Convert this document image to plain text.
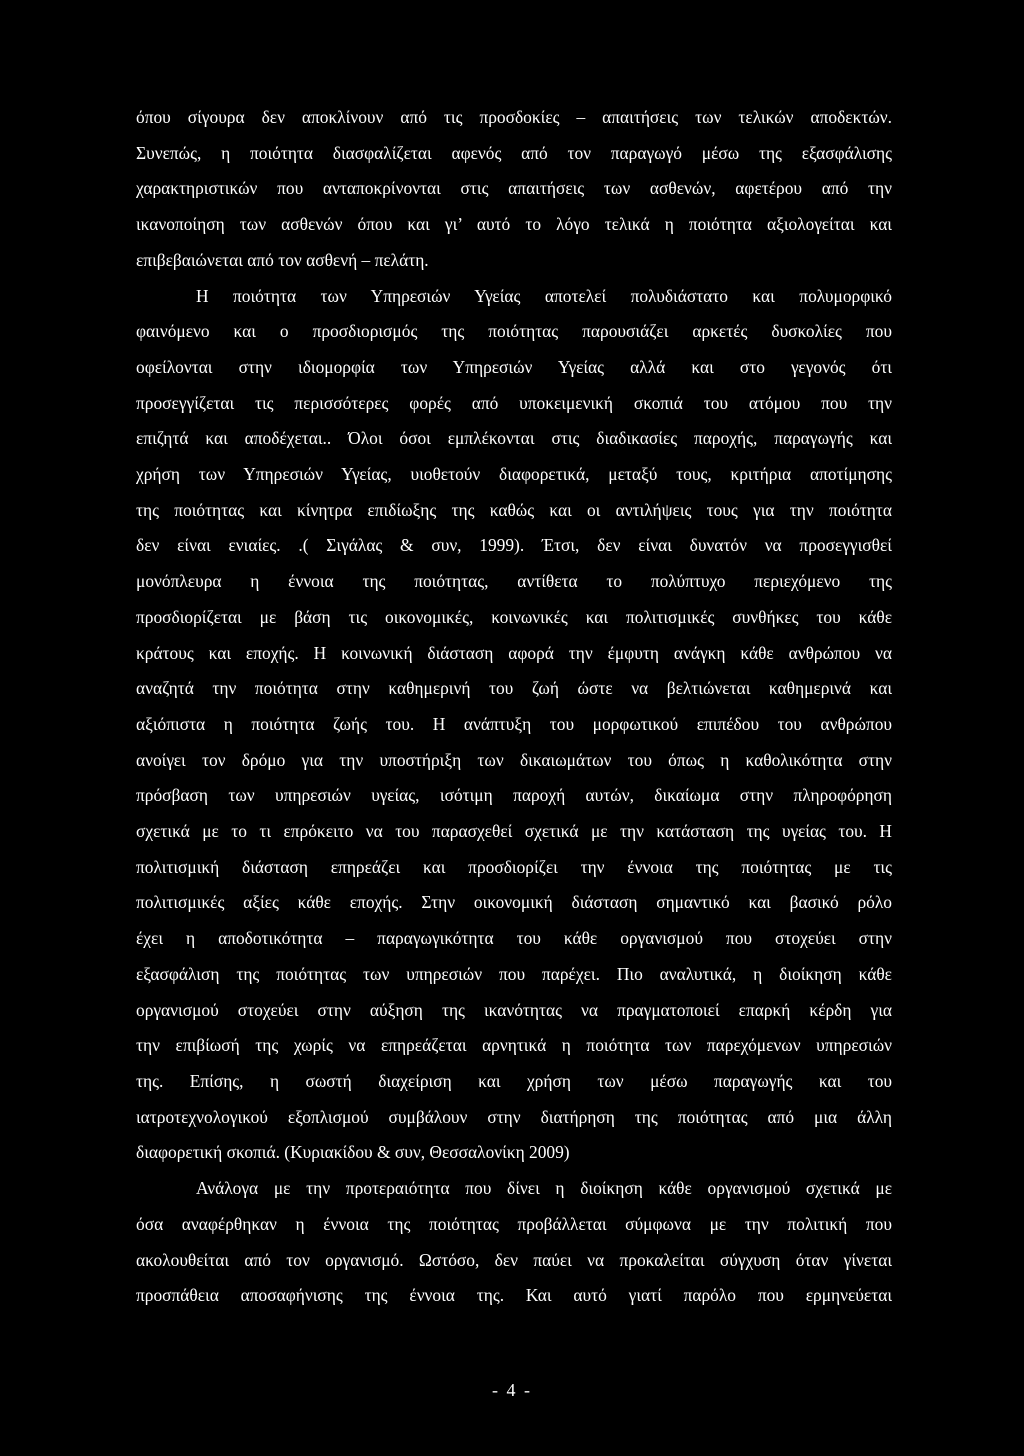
όπου σίγουρα δεν αποκλίνουν από τις προσδοκίες – απαιτήσεις των τελικών αποδεκτών.
Συνεπώς, η ποιότητα διασφαλίζεται αφενός από τον παραγωγό μέσω της εξασφάλισης
χαρακτηριστικών που ανταποκρίνονται στις απαιτήσεις των ασθενών, αφετέρου από την
ικανοποίηση των ασθενών όπου και γι’ αυτό το λόγο τελικά η ποιότητα αξιολογείται και
επιβεβαιώνεται από τον ασθενή – πελάτη.
Η ποιότητα των Υπηρεσιών Υγείας αποτελεί πολυδιάστατο και πολυμορφικό
φαινόμενο και ο προσδιορισμός της ποιότητας παρουσιάζει αρκετές δυσκολίες που
οφείλονται στην ιδιομορφία των Υπηρεσιών Υγείας αλλά και στο γεγονός ότι
προσεγγίζεται τις περισσότερες φορές από υποκειμενική σκοπιά του ατόμου που την
επιζητά και αποδέχεται.. Όλοι όσοι εμπλέκονται στις διαδικασίες παροχής, παραγωγής και
χρήση των Υπηρεσιών Υγείας, υιοθετούν διαφορετικά, μεταξύ τους, κριτήρια αποτίμησης
της ποιότητας και κίνητρα επιδίωξης της καθώς και οι αντιλήψεις τους για την ποιότητα
δεν είναι ενιαίες. .( Σιγάλας & συν, 1999). Έτσι, δεν είναι δυνατόν να προσεγγισθεί
μονόπλευρα η έννοια της ποιότητας, αντίθετα το πολύπτυχο περιεχόμενο της
προσδιορίζεται με βάση τις οικονομικές, κοινωνικές και πολιτισμικές συνθήκες του κάθε
κράτους και εποχής. Η κοινωνική διάσταση αφορά την έμφυτη ανάγκη κάθε ανθρώπου να
αναζητά την ποιότητα στην καθημερινή του ζωή ώστε να βελτιώνεται καθημερινά και
αξιόπιστα η ποιότητα ζωής του. Η ανάπτυξη του μορφωτικού επιπέδου του ανθρώπου
ανοίγει τον δρόμο για την υποστήριξη των δικαιωμάτων του όπως η καθολικότητα στην
πρόσβαση των υπηρεσιών υγείας, ισότιμη παροχή αυτών, δικαίωμα στην πληροφόρηση
σχετικά με το τι επρόκειτο να του παρασχεθεί σχετικά με την κατάσταση της υγείας του. Η
πολιτισμική διάσταση επηρεάζει και προσδιορίζει την έννοια της ποιότητας με τις
πολιτισμικές αξίες κάθε εποχής. Στην οικονομική διάσταση σημαντικό και βασικό ρόλο
έχει η αποδοτικότητα – παραγωγικότητα του κάθε οργανισμού που στοχεύει στην
εξασφάλιση της ποιότητας των υπηρεσιών που παρέχει. Πιο αναλυτικά, η διοίκηση κάθε
οργανισμού στοχεύει στην αύξηση της ικανότητας να πραγματοποιεί επαρκή κέρδη για
την επιβίωσή της χωρίς να επηρεάζεται αρνητικά η ποιότητα των παρεχόμενων υπηρεσιών
της. Επίσης, η σωστή διαχείριση και χρήση των μέσω παραγωγής και του
ιατροτεχνολογικού εξοπλισμού συμβάλουν στην διατήρηση της ποιότητας από μια άλλη
διαφορετική σκοπιά. (Κυριακίδου & συν, Θεσσαλονίκη 2009)
Ανάλογα με την προτεραιότητα που δίνει η διοίκηση κάθε οργανισμού σχετικά με
όσα αναφέρθηκαν η έννοια της ποιότητας προβάλλεται σύμφωνα με την πολιτική που
ακολουθείται από τον οργανισμό. Ωστόσο, δεν παύει να προκαλείται σύγχυση όταν γίνεται
προσπάθεια αποσαφήνισης της έννοια της. Και αυτό γιατί παρόλο που ερμηνεύεται
- 4 -
